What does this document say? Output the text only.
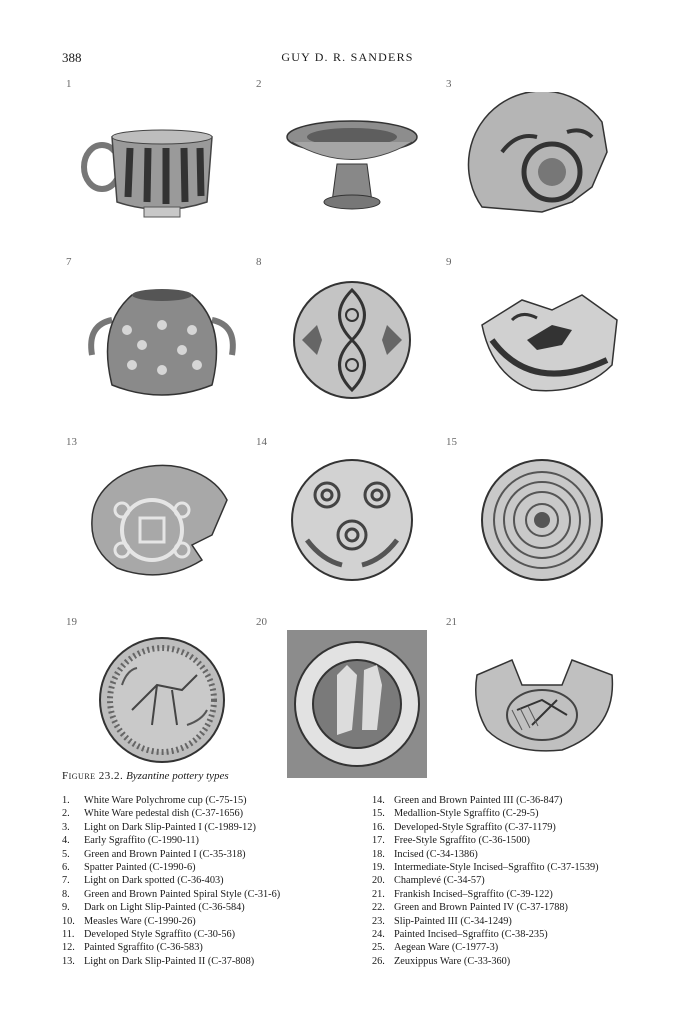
388	GUY D. R. SANDERS
1	2	3
7	8	9
13	14	15
19	20	21
Figure 23.2. Byzantine pottery types
1. White Ware Polychrome cup (C-75-15)
2. White Ware pedestal dish (C-37-1656)
3. Light on Dark Slip-Painted I (C-1989-12)
4. Early Sgraffito (C-1990-11)
5. Green and Brown Painted I (C-35-318)
6. Spatter Painted (C-1990-6)
7. Light on Dark spotted (C-36-403)
8. Green and Brown Painted Spiral Style (C-31-6)
9. Dark on Light Slip-Painted (C-36-584)
10. Measles Ware (C-1990-26)
11. Developed Style Sgraffito (C-30-56)
12. Painted Sgraffito (C-36-583)
13. Light on Dark Slip-Painted II (C-37-808)
14. Green and Brown Painted III (C-36-847)
15. Medallion-Style Sgraffito (C-29-5)
16. Developed-Style Sgraffito (C-37-1179)
17. Free-Style Sgraffito (C-36-1500)
18. Incised (C-34-1386)
19. Intermediate-Style Incised–Sgraffito (C-37-1539)
20. Champlevé (C-34-57)
21. Frankish Incised–Sgraffito (C-39-122)
22. Green and Brown Painted IV (C-37-1788)
23. Slip-Painted III (C-34-1249)
24. Painted Incised–Sgraffito (C-38-235)
25. Aegean Ware (C-1977-3)
26. Zeuxippus Ware (C-33-360)
